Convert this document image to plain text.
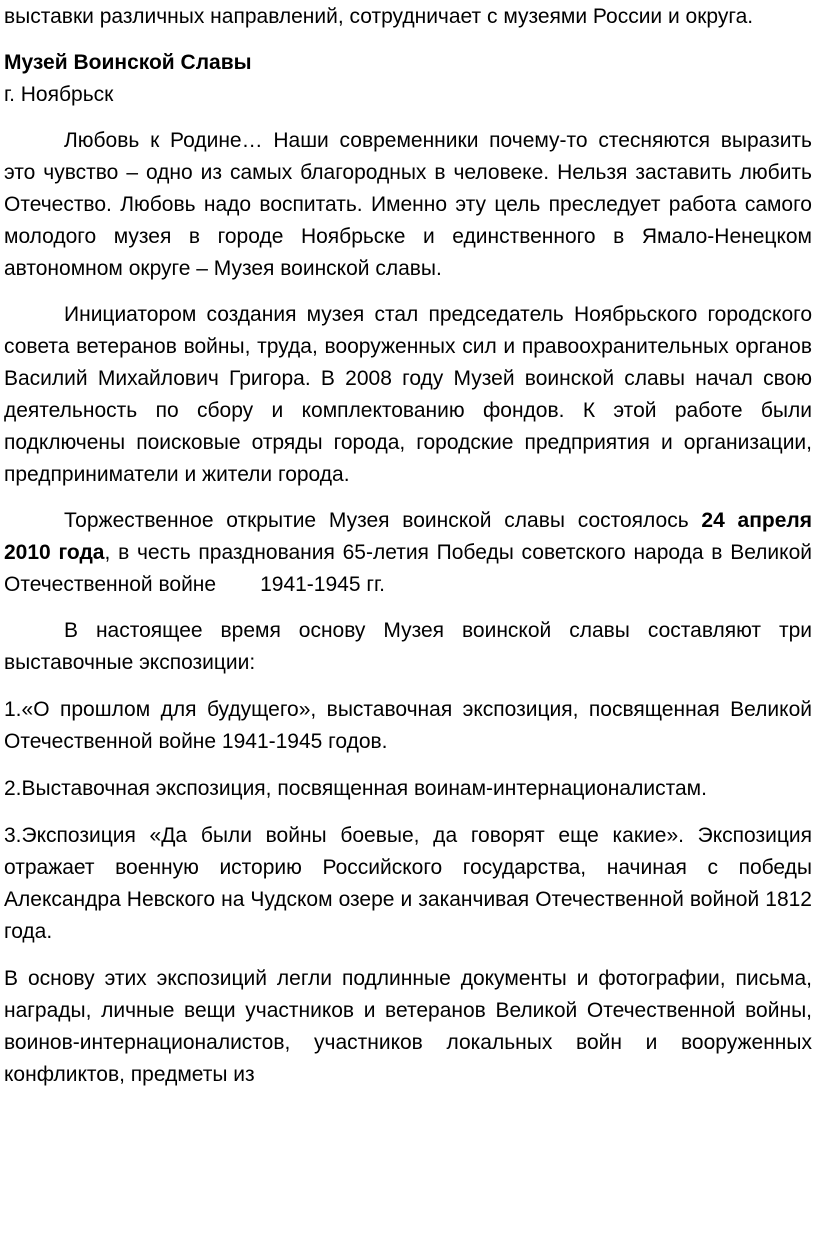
выставки различных направлений, сотрудничает с музеями России и округа.

Музей Воинской Славы

г. Ноябрьск

Любовь к Родине… Наши современники почему-то стесняются выразить это чувство – одно из самых благородных в человеке. Нельзя заставить любить Отечество. Любовь надо воспитать. Именно эту цель преследует работа самого молодого музея в городе Ноябрьске и единственного в Ямало-Ненецком автономном округе – Музея воинской славы.

Инициатором создания музея стал председатель Ноябрьского городского совета ветеранов войны, труда, вооруженных сил и правоохранительных органов Василий Михайлович Григора. В 2008 году Музей воинской славы начал свою деятельность по сбору и комплектованию фондов. К этой работе были подключены поисковые отряды города, городские предприятия и организации, предприниматели и жители города.

Торжественное открытие Музея воинской славы состоялось 24 апреля 2010 года, в честь празднования 65-летия Победы советского народа в Великой Отечественной войне 1941-1945 гг.

В настоящее время основу Музея воинской славы составляют три выставочные экспозиции:

1.«О прошлом для будущего», выставочная экспозиция, посвященная Великой Отечественной войне 1941-1945 годов.

2.Выставочная экспозиция, посвященная воинам-интернационалистам.

3.Экспозиция «Да были войны боевые, да говорят еще какие». Экспозиция отражает военную историю Российского государства, начиная с победы Александра Невского на Чудском озере и заканчивая Отечественной войной 1812 года.

В основу этих экспозиций легли подлинные документы и фотографии, письма, награды, личные вещи участников и ветеранов Великой Отечественной войны, воинов-интернационалистов, участников локальных войн и вооруженных конфликтов, предметы из
